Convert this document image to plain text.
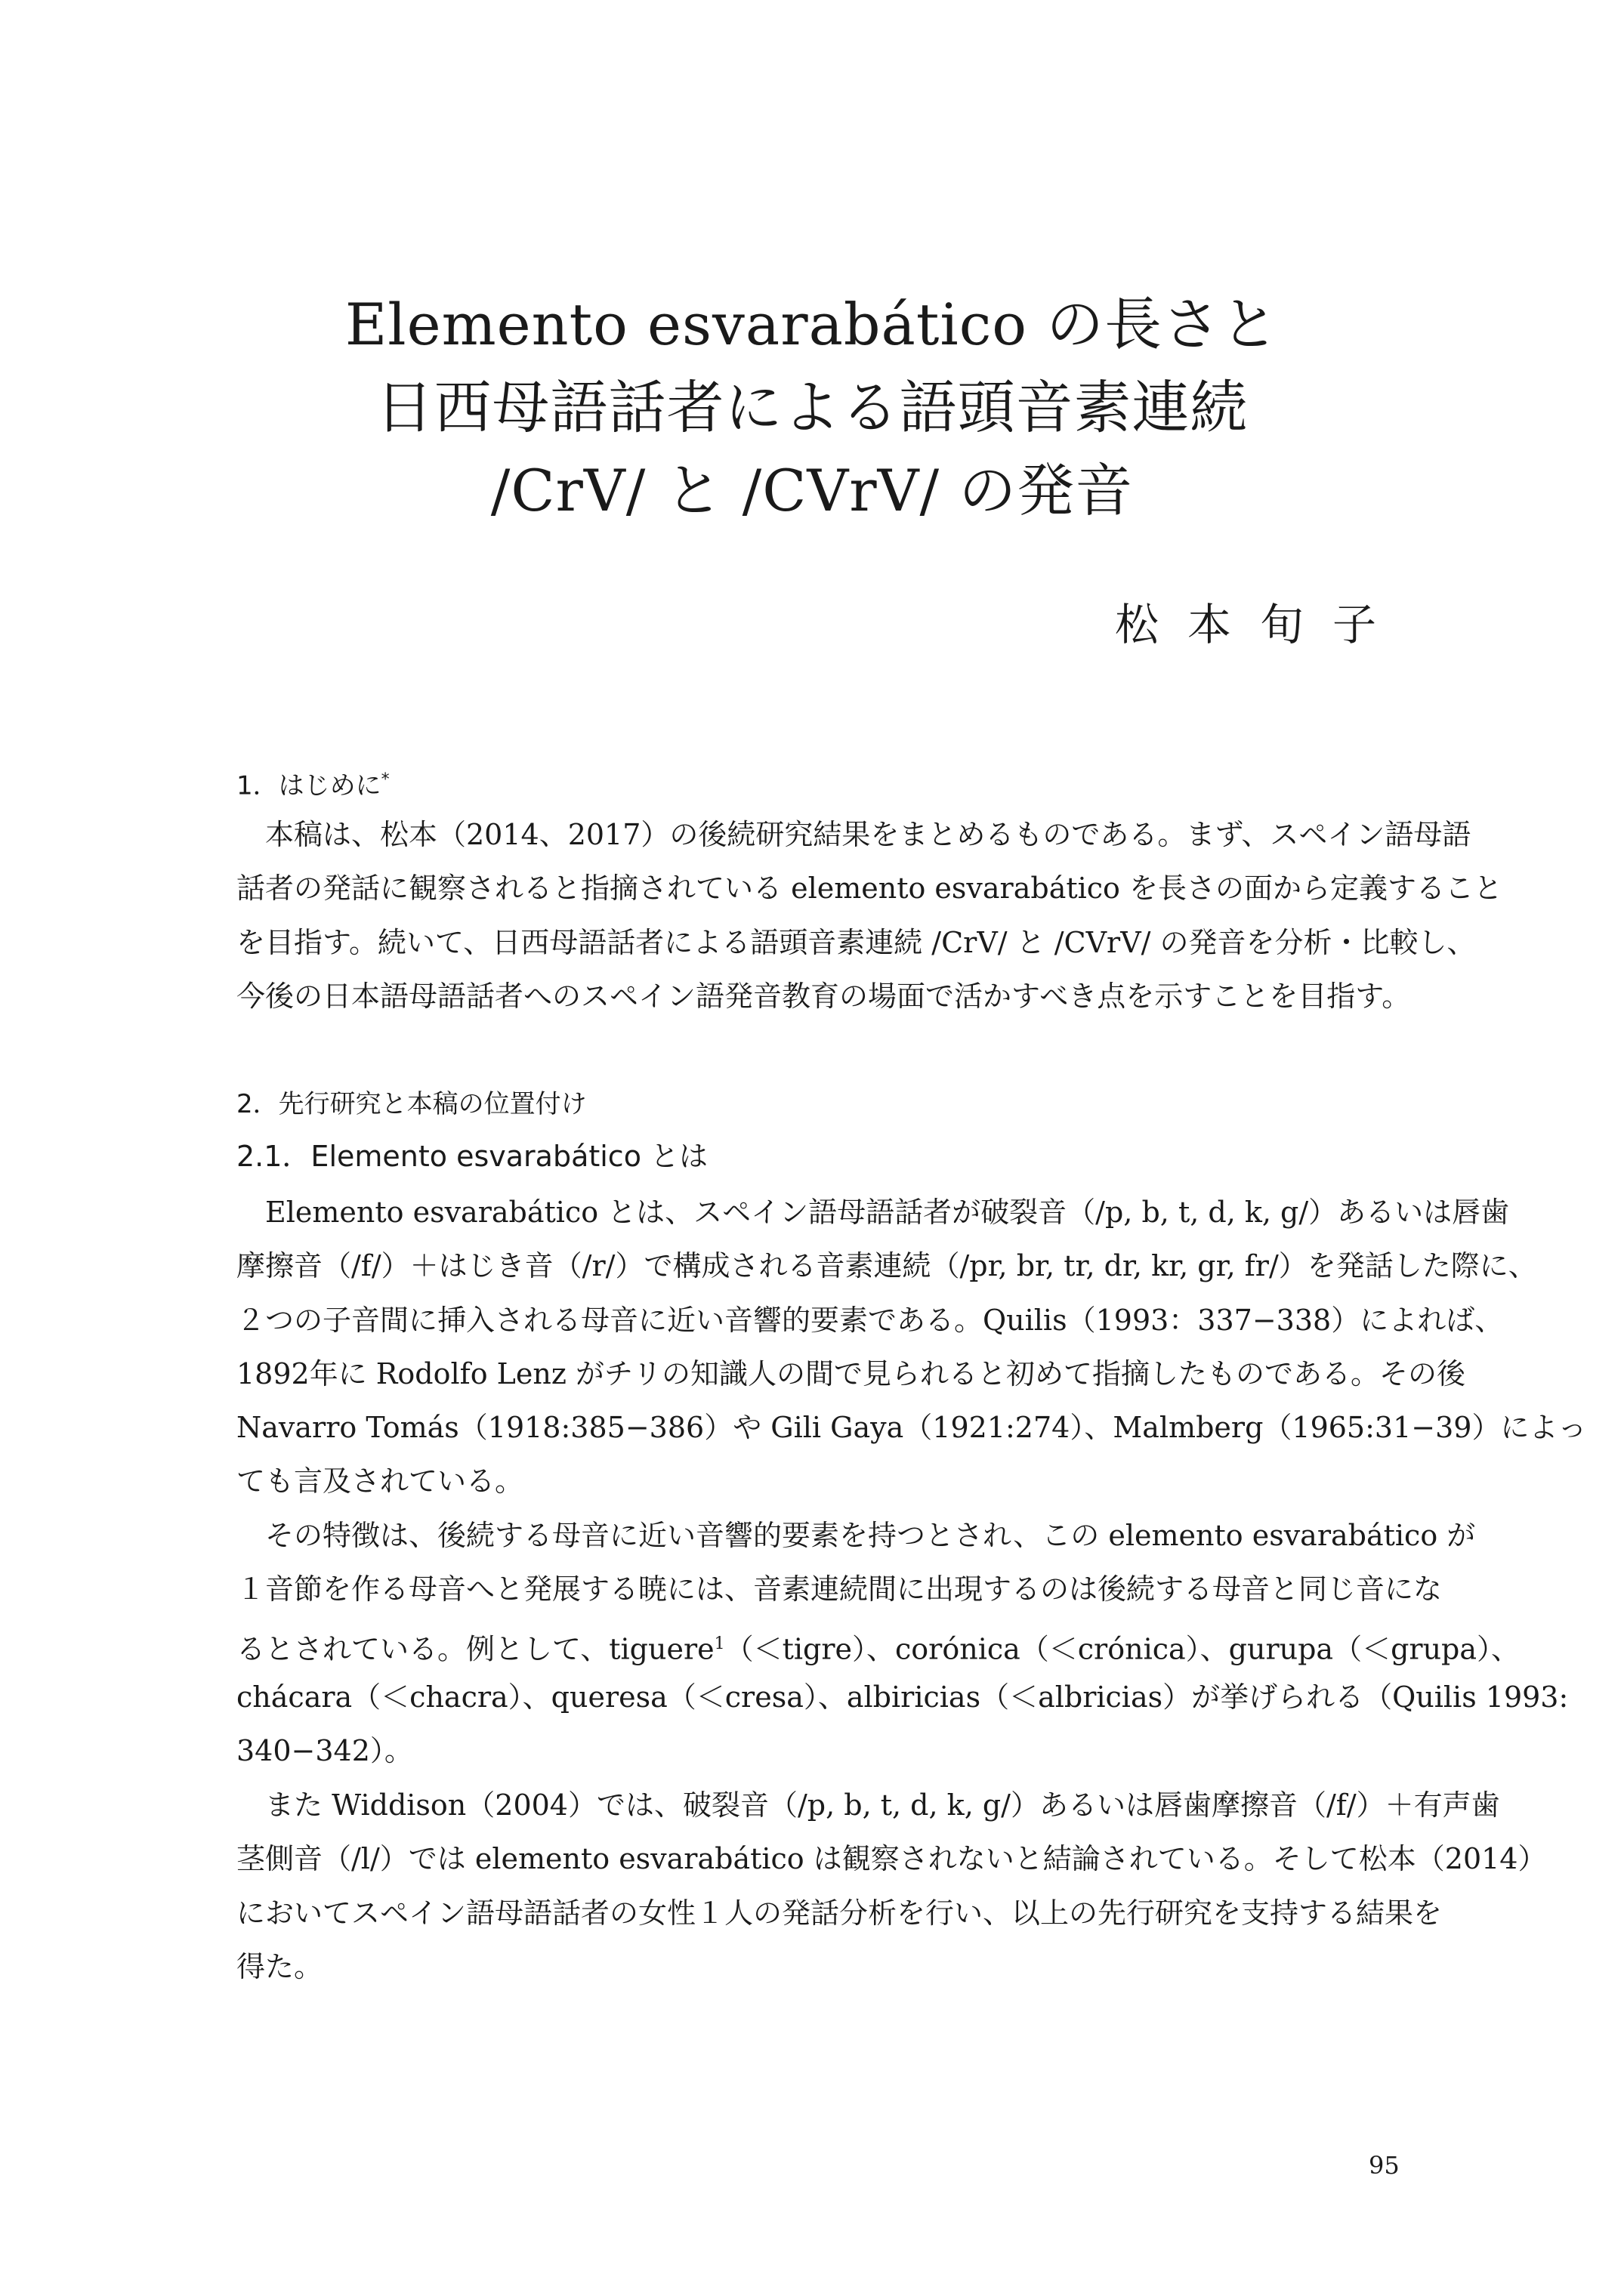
Elemento esvarabático の長さと
日西母語話者による語頭音素連続
/CrV/ と /CVrV/ の発音
松本旬子
1．はじめに*
本稿は、松本（2014、2017）の後続研究結果をまとめるものである。まず、スペイン語母語
話者の発話に観察されると指摘されている elemento esvarabático を長さの面から定義すること
を目指す。続いて、日西母語話者による語頭音素連続 /CrV/ と /CVrV/ の発音を分析・比較し、
今後の日本語母語話者へのスペイン語発音教育の場面で活かすべき点を示すことを目指す。
2．先行研究と本稿の位置付け
2.1．Elemento esvarabático とは
Elemento esvarabático とは、スペイン語母語話者が破裂音（/p, b, t, d, k, g/）あるいは唇歯
摩擦音（/f/）＋はじき音（/r/）で構成される音素連続（/pr, br, tr, dr, kr, gr, fr/）を発話した際に、
２つの子音間に挿入される母音に近い音響的要素である。Quilis（1993：337−338）によれば、
1892年に Rodolfo Lenz がチリの知識人の間で見られると初めて指摘したものである。その後
Navarro Tomás（1918:385−386）や Gili Gaya（1921:274）、Malmberg（1965:31−39）によっ
ても言及されている。
その特徴は、後続する母音に近い音響的要素を持つとされ、この elemento esvarabático が
１音節を作る母音へと発展する暁には、音素連続間に出現するのは後続する母音と同じ音にな
るとされている。例として、tiguere$^1$（＜tigre）、corónica（＜crónica）、gurupa（＜grupa）、
chácara（＜chacra）、queresa（＜cresa）、albiricias（＜albricias）が挙げられる（Quilis 1993:
340−342）。
また Widdison（2004）では、破裂音（/p, b, t, d, k, g/）あるいは唇歯摩擦音（/f/）＋有声歯
茎側音（/l/）では elemento esvarabático は観察されないと結論されている。そして松本（2014）
においてスペイン語母語話者の女性１人の発話分析を行い、以上の先行研究を支持する結果を
得た。
95
